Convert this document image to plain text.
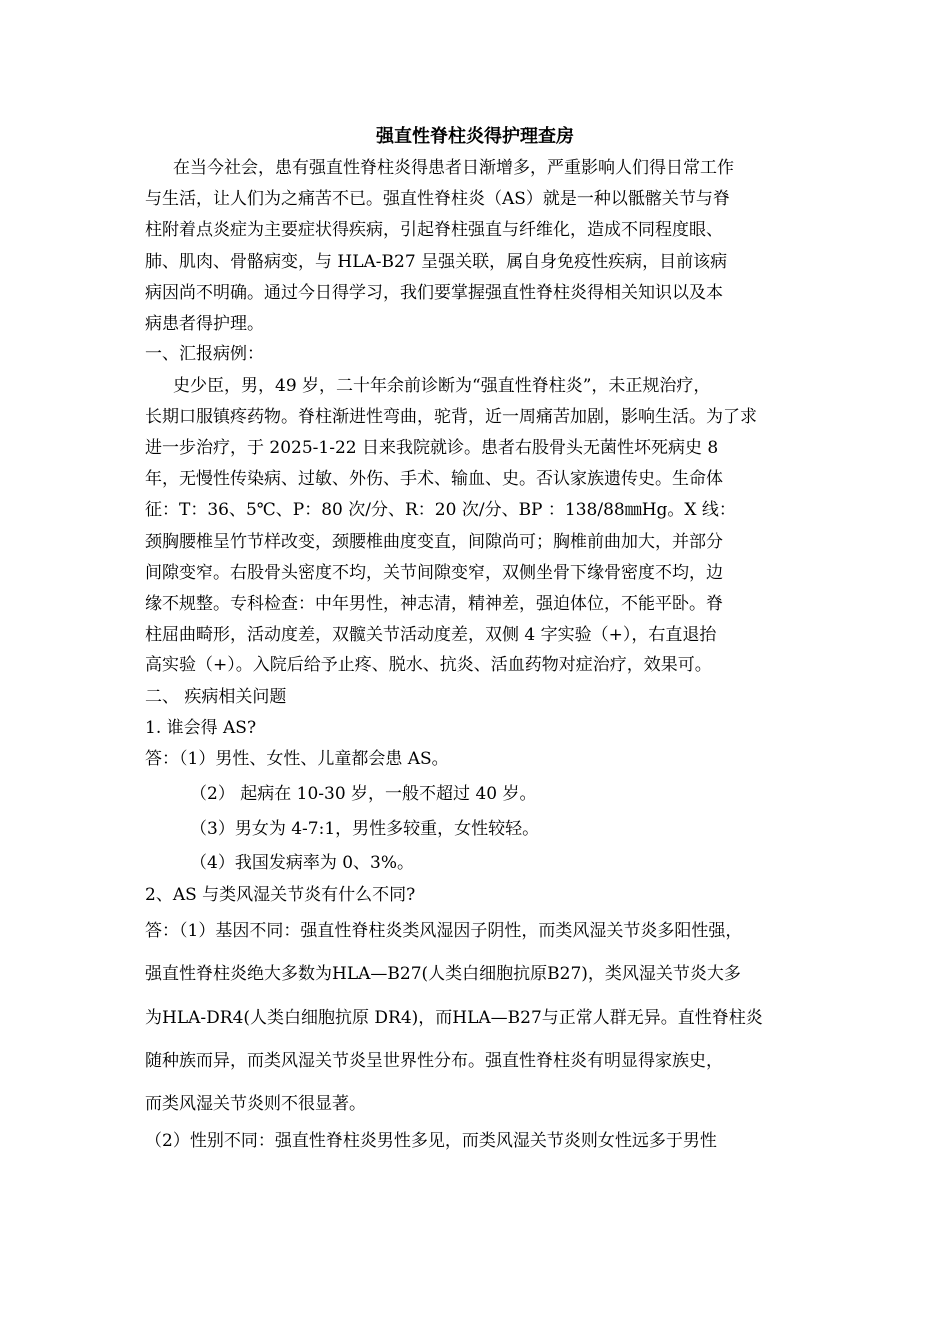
强直性脊柱炎得护理查房

在当今社会，患有强直性脊柱炎得患者日渐增多，严重影响人们得日常工作

与生活，让人们为之痛苦不已。强直性脊柱炎（AS）就是一种以骶髂关节与脊

柱附着点炎症为主要症状得疾病，引起脊柱强直与纤维化，造成不同程度眼、

肺、肌肉、骨骼病变，与 HLA-B27 呈强关联，属自身免疫性疾病，目前该病

病因尚不明确。通过今日得学习，我们要掌握强直性脊柱炎得相关知识以及本

病患者得护理。

一、汇报病例：

史少臣，男，49 岁，二十年余前诊断为“强直性脊柱炎”，未正规治疗，

长期口服镇疼药物。脊柱渐进性弯曲，驼背，近一周痛苦加剧，影响生活。为了求

进一步治疗，于 2025-1-22 日来我院就诊。患者右股骨头无菌性坏死病史 8

年，无慢性传染病、过敏、外伤、手术、输血、史。否认家族遗传史。生命体

征：T：36、5℃、P：80 次/分、R：20 次/分、BP ：138/88㎜Hg。X 线：

颈胸腰椎呈竹节样改变，颈腰椎曲度变直，间隙尚可；胸椎前曲加大，并部分

间隙变窄。右股骨头密度不均，关节间隙变窄，双侧坐骨下缘骨密度不均，边

缘不规整。专科检查：中年男性，神志清，精神差，强迫体位，不能平卧。脊

柱屈曲畸形，活动度差，双髋关节活动度差，双侧 4 字实验（+），右直退抬

高实验（+）。入院后给予止疼、脱水、抗炎、活血药物对症治疗，效果可。

二、 疾病相关问题

1. 谁会得 AS?

答：（1）男性、女性、儿童都会患 AS。

（2） 起病在 10-30 岁，一般不超过 40 岁。

（3）男女为 4-7:1，男性多较重，女性较轻。

（4）我国发病率为 0、3%。

2、AS 与类风湿关节炎有什么不同?

答：（1）基因不同：强直性脊柱炎类风湿因子阴性，而类风湿关节炎多阳性强，

强直性脊柱炎绝大多数为HLA—B27(人类白细胞抗原B27)，类风湿关节炎大多

为HLA-DR4(人类白细胞抗原 DR4)，而HLA—B27与正常人群无异。直性脊柱炎

随种族而异，而类风湿关节炎呈世界性分布。强直性脊柱炎有明显得家族史，

而类风湿关节炎则不很显著。

（2）性别不同：强直性脊柱炎男性多见，而类风湿关节炎则女性远多于男性
